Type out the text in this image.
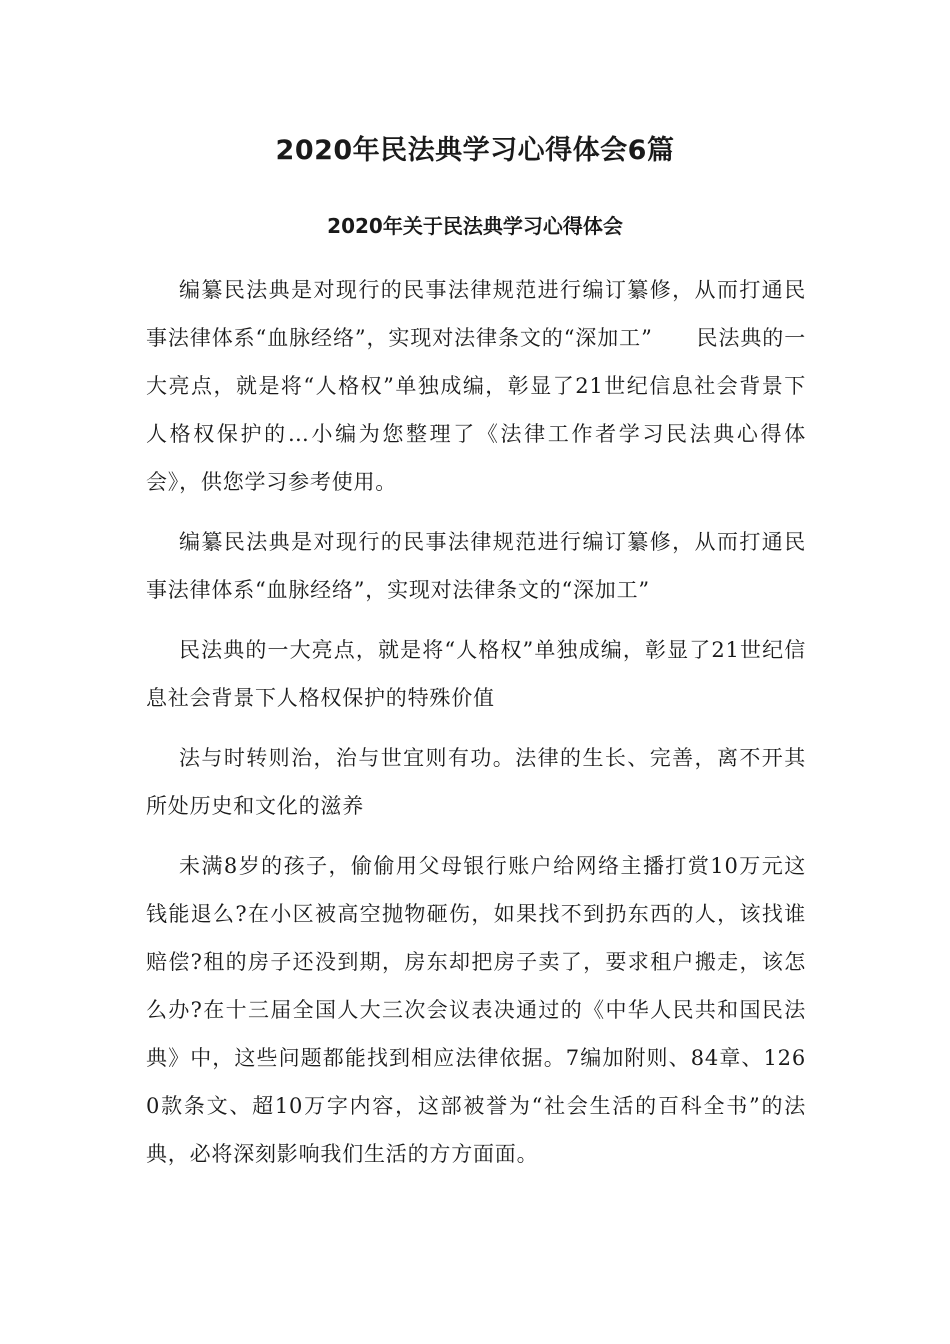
2020年民法典学习心得体会6篇
2020年关于民法典学习心得体会

编纂民法典是对现行的民事法律规范进行编订纂修，从而打通民事法律体系“血脉经络”，实现对法律条文的“深加工”　　民法典的一大亮点，就是将“人格权”单独成编，彰显了21世纪信息社会背景下人格权保护的…小编为您整理了《法律工作者学习民法典心得体会》，供您学习参考使用。

编纂民法典是对现行的民事法律规范进行编订纂修，从而打通民事法律体系“血脉经络”，实现对法律条文的“深加工”

民法典的一大亮点，就是将“人格权”单独成编，彰显了21世纪信息社会背景下人格权保护的特殊价值

法与时转则治，治与世宜则有功。法律的生长、完善，离不开其所处历史和文化的滋养

未满8岁的孩子，偷偷用父母银行账户给网络主播打赏10万元这钱能退么?在小区被高空抛物砸伤，如果找不到扔东西的人，该找谁赔偿?租的房子还没到期，房东却把房子卖了，要求租户搬走，该怎么办?在十三届全国人大三次会议表决通过的《中华人民共和国民法典》中，这些问题都能找到相应法律依据。7编加附则、84章、1260款条文、超10万字内容，这部被誉为“社会生活的百科全书”的法典，必将深刻影响我们生活的方方面面。
